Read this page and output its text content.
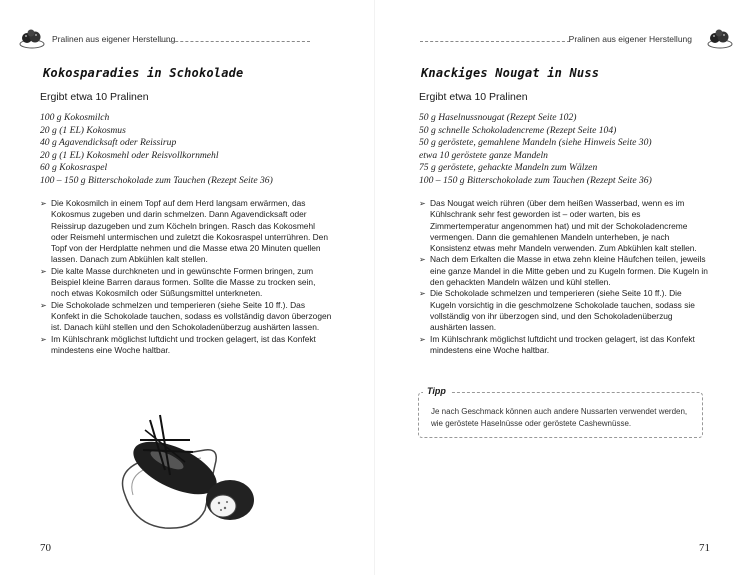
Pralinen aus eigener Herstellung
Kokosparadies in Schokolade
Ergibt etwa 10 Pralinen
100 g Kokosmilch
20 g (1 EL) Kokosmus
40 g Agavendicksaft oder Reissirup
20 g (1 EL) Kokosmehl oder Reisvollkornmehl
60 g Kokosraspel
100 – 150 g Bitterschokolade zum Tauchen (Rezept Seite 36)
➢ Die Kokosmilch in einem Topf auf dem Herd langsam erwärmen, das Kokosmus zugeben und darin schmelzen. Dann Agavendicksaft oder Reissirup dazugeben und zum Köcheln bringen. Rasch das Kokosmehl oder Reismehl untermischen und zuletzt die Kokosraspel unterrühren. Den Topf von der Herdplatte nehmen und die Masse etwa 20 Minuten quellen lassen. Danach zum Abkühlen kalt stellen.
➢ Die kalte Masse durchkneten und in gewünschte Formen bringen, zum Beispiel kleine Barren daraus formen. Sollte die Masse zu trocken sein, noch etwas Kokosmilch oder Süßungsmittel unterkneten.
➢ Die Schokolade schmelzen und temperieren (siehe Seite 10 ff.). Das Konfekt in die Schokolade tauchen, sodass es vollständig davon überzogen ist. Danach kühl stellen und den Schokoladenüberzug aushärten lassen.
➢ Im Kühlschrank möglichst luftdicht und trocken gelagert, ist das Konfekt mindestens eine Woche haltbar.
70
Pralinen aus eigener Herstellung
Knackiges Nougat in Nuss
Ergibt etwa 10 Pralinen
50 g Haselnussnougat (Rezept Seite 102)
50 g schnelle Schokoladencreme (Rezept Seite 104)
50 g geröstete, gemahlene Mandeln (siehe Hinweis Seite 30)
etwa 10 geröstete ganze Mandeln
75 g geröstete, gehackte Mandeln zum Wälzen
100 – 150 g Bitterschokolade zum Tauchen (Rezept Seite 36)
➢ Das Nougat weich rühren (über dem heißen Wasserbad, wenn es im Kühlschrank sehr fest geworden ist – oder warten, bis es Zimmertemperatur angenommen hat) und mit der Schokoladencreme vermengen. Dann die gemahlenen Mandeln unterheben, je nach Konsistenz etwas mehr Mandeln verwenden. Zum Abkühlen kalt stellen.
➢ Nach dem Erkalten die Masse in etwa zehn kleine Häufchen teilen, jeweils eine ganze Mandel in die Mitte geben und zu Kugeln formen. Die Kugeln in den gehackten Mandeln wälzen und kühl stellen.
➢ Die Schokolade schmelzen und temperieren (siehe Seite 10 ff.). Die Kugeln vorsichtig in die geschmolzene Schokolade tauchen, sodass sie vollständig von ihr überzogen sind, und den Schokoladenüberzug aushärten lassen.
➢ Im Kühlschrank möglichst luftdicht und trocken gelagert, ist das Konfekt mindestens eine Woche haltbar.
Tipp
Je nach Geschmack können auch andere Nussarten verwendet werden, wie geröstete Haselnüsse oder geröstete Cashewnüsse.
71
